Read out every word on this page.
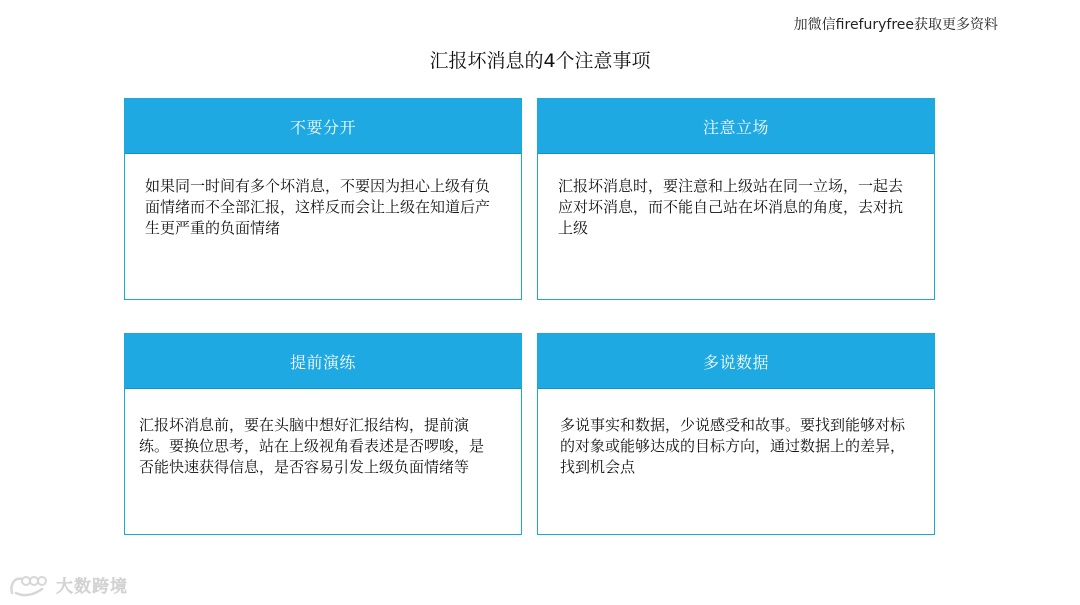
加微信firefuryfree获取更多资料
汇报坏消息的4个注意事项
不要分开
如果同一时间有多个坏消息，不要因为担心上级有负面情绪而不全部汇报，这样反而会让上级在知道后产生更严重的负面情绪
注意立场
汇报坏消息时，要注意和上级站在同一立场，一起去应对坏消息，而不能自己站在坏消息的角度，去对抗上级
提前演练
汇报坏消息前，要在头脑中想好汇报结构，提前演练。要换位思考，站在上级视角看表述是否啰唆，是否能快速获得信息，是否容易引发上级负面情绪等
多说数据
多说事实和数据，少说感受和故事。要找到能够对标的对象或能够达成的目标方向，通过数据上的差异，找到机会点
大数跨境
